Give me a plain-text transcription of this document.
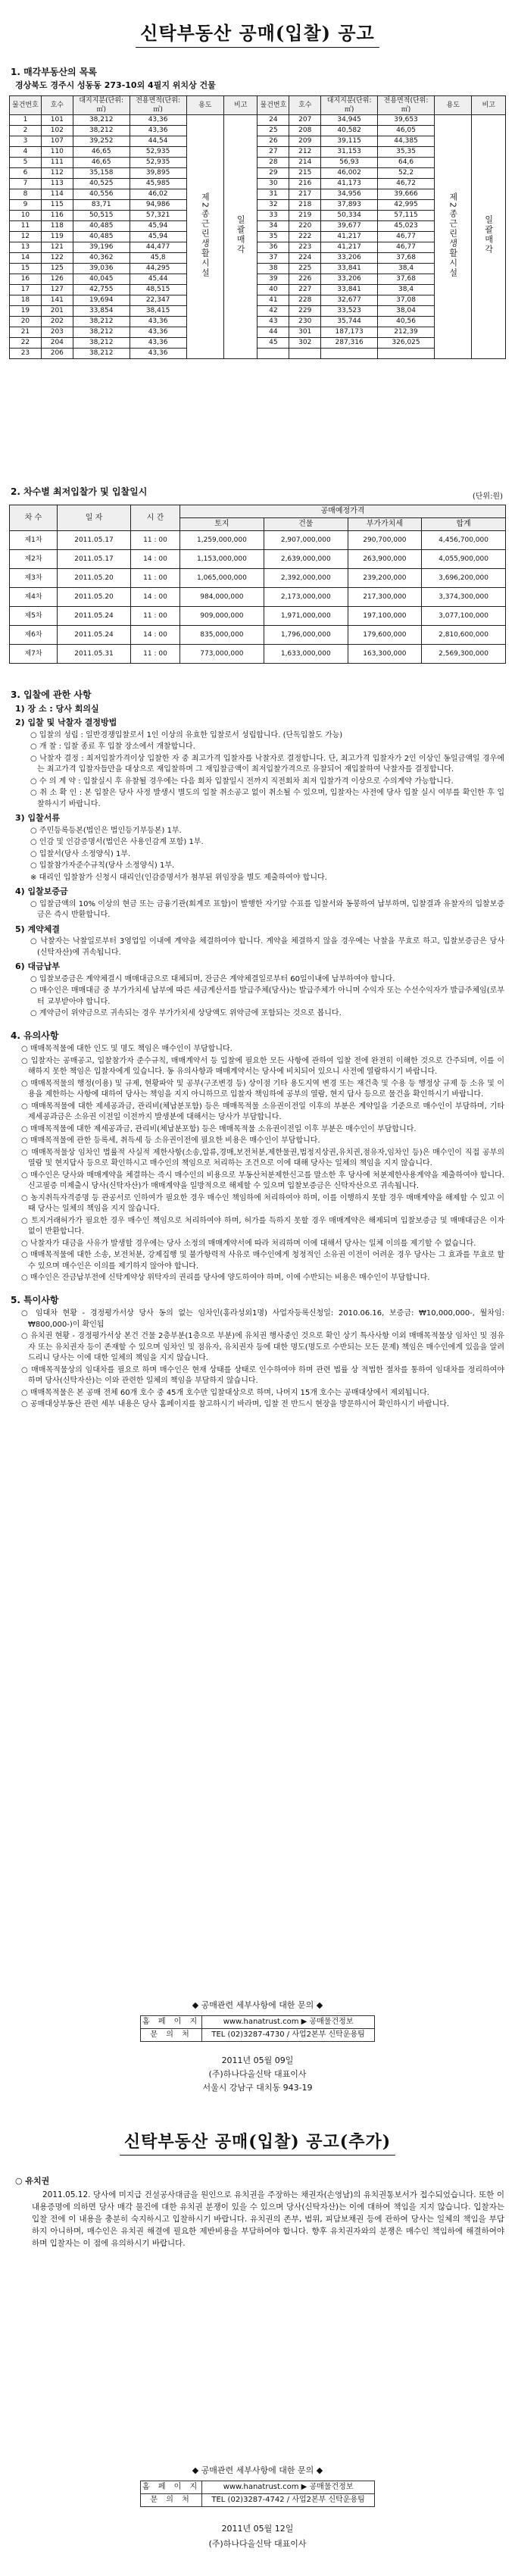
신탁부동산 공매(입찰) 공고
1. 매각부동산의 목록
경상북도 경주시 성동동 273-10외 4필지 위치상 건물
물건번호	호수	대지지분(단위:㎡)	전용면적(단위:㎡)	용도	비고	물건번호	호수	대지지분(단위:㎡)	전용면적(단위:㎡)	용도	비고
1	101	38,212	43,36	제2종근린생활시설	일괄매각	24	207	34,945	39,653	제2종근린생활시설	일괄매각
2	102	38,212	43,36			25	208	40,582	46,05		
3	107	39,252	44,54			26	209	39,115	44,385		
4	110	46,65	52,935			27	212	31,153	35,35		
5	111	46,65	52,935			28	214	56,93	64,6		
6	112	35,158	39,895			29	215	46,002	52,2		
7	113	40,525	45,985			30	216	41,173	46,72		
8	114	40,556	46,02			31	217	34,956	39,666		
9	115	83,71	94,986			32	218	37,893	42,995		
10	116	50,515	57,321			33	219	50,334	57,115		
11	118	40,485	45,94			34	220	39,677	45,023		
12	119	40,485	45,94			35	222	41,217	46,77		
13	121	39,196	44,477			36	223	41,217	46,77		
14	122	40,362	45,8			37	224	33,206	37,68		
15	125	39,036	44,295			38	225	33,841	38,4		
16	126	40,045	45,44			39	226	33,206	37,68		
17	127	42,755	48,515			40	227	33,841	38,4		
18	141	19,694	22,347			41	228	32,677	37,08		
19	201	33,854	38,415			42	229	33,523	38,04		
20	202	38,212	43,36			43	230	35,744	40,56		
21	203	38,212	43,36			44	301	187,173	212,39		
22	204	38,212	43,36			45	302	287,316	326,025		
23	206	38,212	43,36								
2. 차수별 최저입찰가 및 입찰일시	(단위:원)
차 수	일 자	시 간	공매예정가격			
			토지	건물	부가가치세	합계
제1차	2011.05.17	11 : 00	1,259,000,000	2,907,000,000	290,700,000	4,456,700,000
제2차	2011.05.17	14 : 00	1,153,000,000	2,639,000,000	263,900,000	4,055,900,000
제3차	2011.05.20	11 : 00	1,065,000,000	2,392,000,000	239,200,000	3,696,200,000
제4차	2011.05.20	14 : 00	984,000,000	2,173,000,000	217,300,000	3,374,300,000
제5차	2011.05.24	11 : 00	909,000,000	1,971,000,000	197,100,000	3,077,100,000
제6차	2011.05.24	14 : 00	835,000,000	1,796,000,000	179,600,000	2,810,600,000
제7차	2011.05.31	11 : 00	773,000,000	1,633,000,000	163,300,000	2,569,300,000
3. 입찰에 관한 사항
1) 장 소 : 당사 회의실
2) 입찰 및 낙찰자 결정방법
○ 입찰의 성립 : 일반경쟁입찰로서 1인 이상의 유효한 입찰로서 성립합니다. (단독입찰도 가능)
○ 개 찰 : 입찰 종료 후 입찰 장소에서 개찰합니다.
○ 낙찰자 결정 : 최저입찰가격이상 입찰한 자 중 최고가격 입찰자를 낙찰자로 결정합니다. 단, 최고가격 입찰자가 2인 이상인 동일금액일 경우에는 최고가격 입찰자들만을 대상으로 재입찰하며 그 재입찰금액이 최저입찰가격으로 유찰되어 재입찰하여 낙찰자를 결정합니다.
○ 수 의 계 약 : 입찰실시 후 유찰될 경우에는 다음 회차 입찰일시 전까지 직전회차 최저 입찰가격 이상으로 수의계약 가능합니다.
○ 취 소 확 인 : 본 입찰은 당사 사정 발생시 별도의 입찰 취소공고 없이 취소될 수 있으며, 입찰자는 사전에 당사 입찰 실시 여부를 확인한 후 입찰하시기 바랍니다.
3) 입찰서류
○ 주민등록등본(법인은 법인등기부등본) 1부.
○ 인감 및 인감증명서(법인은 사용인감계 포함) 1부.
○ 입찰서(당사 소정양식) 1부.
○ 입찰참가자준수규칙(당사 소정양식) 1부.
※ 대리인 입찰참가 신청시 대리인(인감증명서가 첨부된 위임장을 별도 제출하여야 합니다.
4) 입찰보증금
○ 입찰금액의 10% 이상의 현금 또는 금융기관(회계로 표함)이 발행한 자기앞 수표를 입찰서와 동봉하여 납부하며, 입찰결과 유찰자의 입찰보증금은 즉시 반환합니다.
5) 계약체결
○ 낙찰자는 낙찰일로부터 3영업일 이내에 계약을 체결하여야 합니다. 계약을 체결하지 않을 경우에는 낙찰을 무효로 하고, 입찰보증금은 당사(신탁자산)에 귀속됩니다.
6) 대금납부
○ 입찰보증금은 계약체결시 매매대금으로 대체되며, 잔금은 계약체결일로부터 60일이내에 납부하여야 합니다.
○ 매수인은 매매대금 중 부가가치세 납부에 따른 세금계산서를 발급주체(당사)는 발급주체가 아니며 수익자 또는 수선수익자가 발급주체임(로부터 교부받아야 합니다.
○ 계약금이 위약금으로 귀속되는 경우 부가가치세 상당액도 위약금에 포함되는 것으로 봅니다.
4. 유의사항
○ 매매목적물에 대한 인도 및 명도 책임은 매수인이 부담합니다.
○ 입찰자는 공매공고, 입찰참가자 준수규칙, 매매계약서 등 입찰에 필요한 모든 사항에 관하여 입찰 전에 완전히 이해한 것으로 간주되며, 이를 이해하지 못한 책임은 입찰자에게 있습니다. 동 유의사항과 매매계약서는 당사에 비치되어 있으니 사전에 열람하시기 바랍니다.
○ 매매목적물의 행정(이용) 및 규제, 현황파악 및 공부(구조변경 등) 상이점 기타 용도지역 변경 또는 재건축 및 수용 등 행정상 규제 등 소유 및 이용을 제한하는 사항에 대하여 당사는 책임을 지지 아니하므로 입찰자 책임하에 공부의 열람, 현지 답사 등으로 물건을 확인하시기 바랍니다.
○ 매매목적물에 대한 제세공과금, 관리비(체납분포함) 등은 매매목적물 소유권이전일 이후의 부분은 계약일을 기준으로 매수인이 부담하며, 기타 제세공과금은 소유권 이전일 이전까지 발생분에 대해서는 당사가 부담합니다.
○ 매매목적물에 대한 제세공과금, 관리비(체납분포함) 등은 매매목적물 소유권이전일 이후 부분은 매수인이 부담합니다.
○ 매매목적물에 관한 등록세, 취득세 등 소유권이전에 필요한 비용은 매수인이 부담합니다.
○ 매매목적물상 임차인 법률적 사실적 제한사항(소송,압류,경매,보전처분,제한물권,법정지상권,유치권,점유자,임차인 등)은 매수인이 직접 공부의 열람 및 현지답사 등으로 확인하시고 매수인의 책임으로 처리하는 조건으로 이에 대해 당사는 일체의 책임을 지지 않습니다.
○ 매수인은 당사와 매매계약을 체결하는 즉시 매수인의 비용으로 부동산처분제한신고를 말소한 후 당사에 처분제한사용계약을 제출하여야 합니다. 신고필증 미제출시 당사(신탁자산)가 매매계약을 일방적으로 해제할 수 있으며 입찰보증금은 신탁자산으로 귀속됩니다.
○ 농지취득자격증명 등 관공서로 인하여가 필요한 경우 매수인 책임하에 처리하여야 하며, 이를 이행하지 못할 경우 매매계약을 해제할 수 있고 이때 당사는 일체의 책임을 지지 않습니다.
○ 토지거래허가가 필요한 경우 매수인 책임으로 처리하여야 하며, 허가를 득하지 못할 경우 매매계약은 해제되며 입찰보증금 및 매매대금은 이자 없이 반환합니다.
○ 낙찰자가 대금을 사유가 발생할 경우에는 당사 소정의 매매계약서에 따라 처리하며 이에 대해서 당사는 일체 이의를 제기할 수 없습니다.
○ 매매목적물에 대한 소송, 보전처분, 강제집행 및 불가항력적 사유로 매수인에게 청정적인 소유권 이전이 어려운 경우 당사는 그 효과를 무효로 할 수 있으며 매수인은 이의를 제기하지 않아야 합니다.
○ 매수인은 잔금납부전에 신탁계약상 위탁자의 권리를 당사에 양도하여야 하며, 이에 수반되는 비용은 매수인이 부담합니다.
5. 특이사항
○ 임대차 현황 - 경정평가서상 당사 동의 없는 임차인(홍라성외1명) 사업자등록신청일: 2010.06.16, 보증금: ₩10,000,000-, 월차임: ₩800,000-)이 확인됨
○ 유치권 현황 - 경정평가서상 본건 건물 2층부분(1층으로 부분)에 유치권 행사중인 것으로 확인 상기 특사사항 이외 매매목적물상 임차인 및 점유자 또는 유치권자 등이 존재할 수 있으며 임차인 및 점유자, 유치권자 등에 대한 명도(명도로 수반되는 모든 문제) 책임은 매수인에게 있음을 알려드리니 당사는 이에 대한 일체의 책임을 지지 않습니다.
○ 매매목적물상의 임대차를 필요로 하며 매수인은 현재 상태를 상태로 인수하여야 하며 관련 법률 상 적법한 절차를 통하여 임대차를 정리하여야 하며 당사(신탁자산)는 이와 관련한 일체의 책임을 부담하지 않습니다.
○ 매매목적물은 본 공매 전체 60개 호수 중 45개 호수만 입찰대상으로 하며, 나머지 15개 호수는 공매대상에서 제외됩니다.
○ 공매대상부동산 관련 세부 내용은 당사 홈페이지를 참고하시기 바라며, 입찰 전 반드시 현장을 방문하시어 확인하시기 바랍니다.
◆ 공매관련 세부사항에 대한 문의 ◆
홈 페 이 지	www.hanatrust.com ▶ 공매물건정보
문 의 처	TEL (02)3287-4730 / 사업2본부 신탁운용팀
2011년 05월 09일
(주)하나다올신탁 대표이사
서울시 강남구 대치동 943-19
신탁부동산 공매(입찰) 공고(추가)
○ 유치권
2011.05.12. 당사에 미지급 건설공사대금을 원인으로 유치권을 주장하는 채권자(손영남)의 유치권통보서가 접수되었습니다. 또한 이 내용증명에 의하면 당사 매각 물건에 대한 유치권 분쟁이 있을 수 있으며 당사(신탁자산)는 이에 대하여 책임을 지지 않습니다. 입찰자는 입찰 전에 이 내용을 충분히 숙지하시고 입찰하시기 바랍니다. 유치권의 존부, 범위, 피담보채권 등에 관하여 당사는 일체의 책임을 부담하지 아니하며, 매수인은 유치권 해결에 필요한 제반비용을 부담하여야 합니다. 향후 유치권자와의 분쟁은 매수인 책임하에 해결하여야 하며 입찰자는 이 점에 유의하시기 바랍니다.
◆ 공매관련 세부사항에 대한 문의 ◆
홈 페 이 지	www.hanatrust.com ▶ 공매물건정보
문 의 처	TEL (02)3287-4742 / 사업2본부 신탁운용팀
2011년 05월 12일
(주)하나다올신탁 대표이사
